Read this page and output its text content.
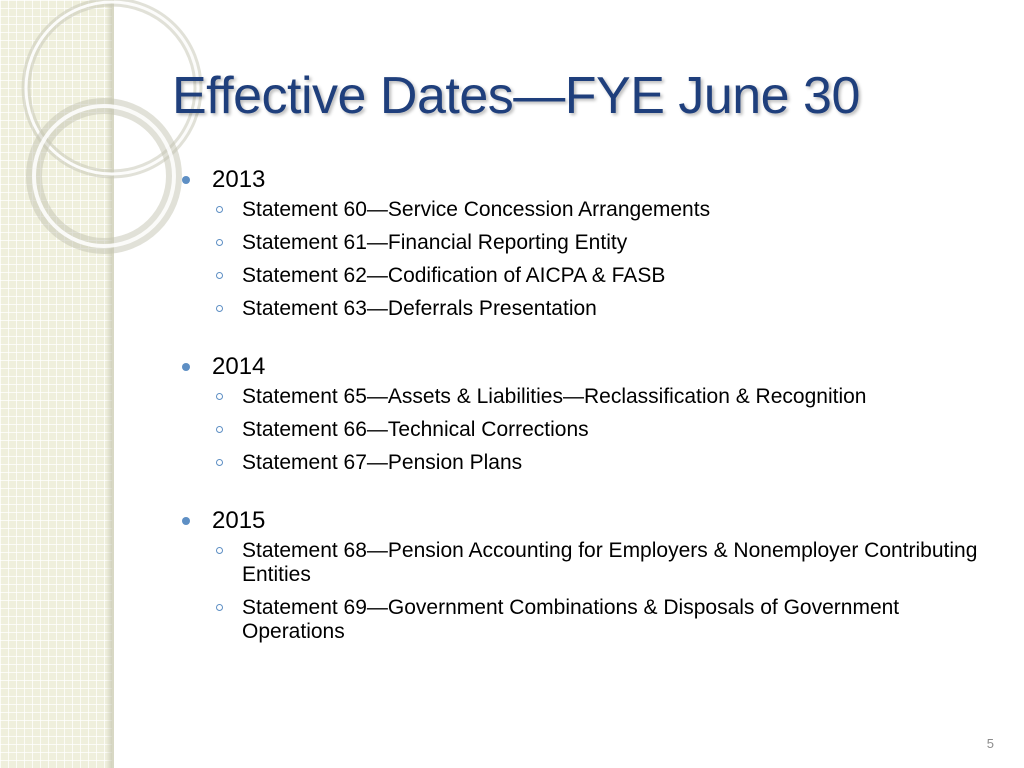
Effective Dates—FYE June 30
2013
Statement 60—Service Concession Arrangements
Statement 61—Financial Reporting Entity
Statement 62—Codification of AICPA & FASB
Statement 63—Deferrals Presentation
2014
Statement 65—Assets & Liabilities—Reclassification & Recognition
Statement 66—Technical Corrections
Statement 67—Pension Plans
2015
Statement 68—Pension Accounting for Employers & Nonemployer Contributing Entities
Statement 69—Government Combinations & Disposals of Government Operations
5
